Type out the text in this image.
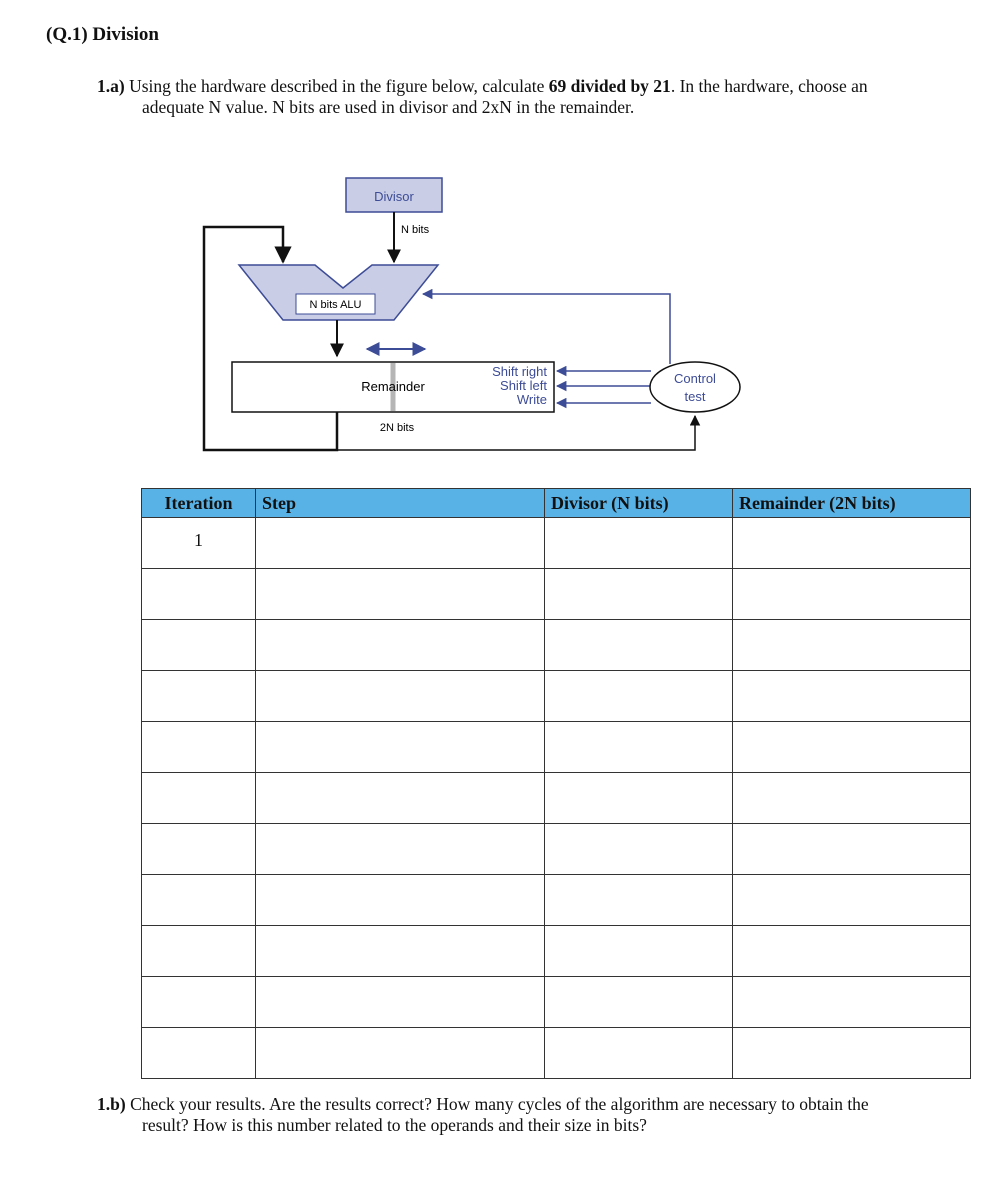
(Q.1) Division
1.a) Using the hardware described in the figure below, calculate 69 divided by 21. In the hardware, choose an adequate N value. N bits are used in divisor and 2xN in the remainder.
Divisor
N bits
N bits ALU
Remainder
2N bits
Shift right
Shift left
Write
Control
test
Iteration	Step	Divisor (N bits)	Remainder (2N bits)
1			

1.b) Check your results. Are the results correct? How many cycles of the algorithm are necessary to obtain the result? How is this number related to the operands and their size in bits?
